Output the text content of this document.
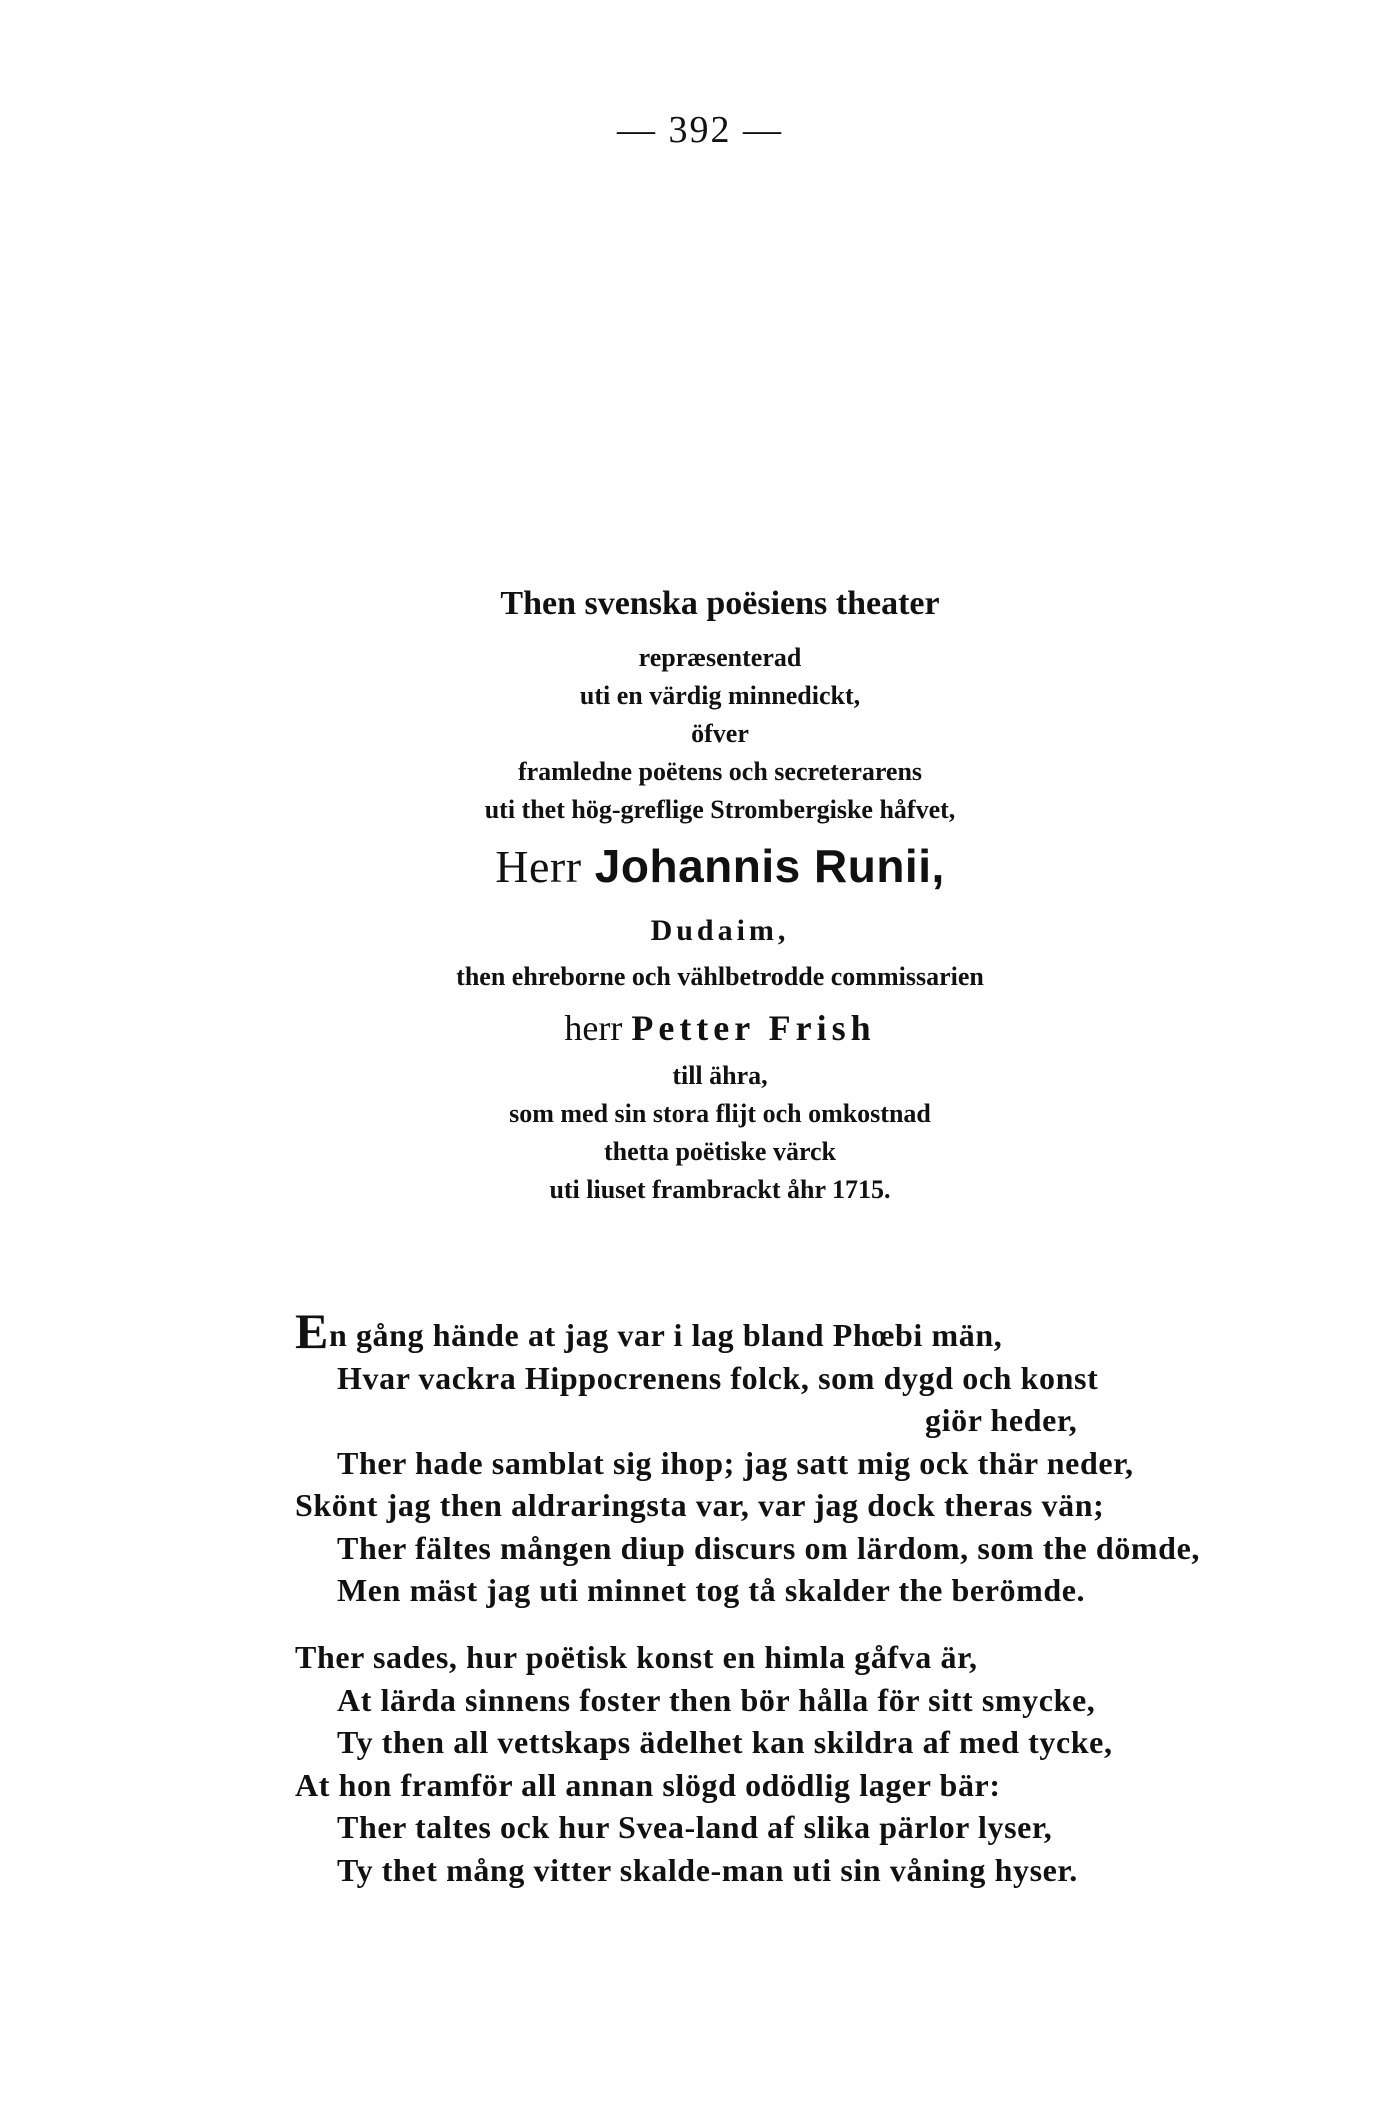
— 392 —
Then svenska poësiens theater
repræsenterad
uti en värdig minnedickt,
öfver
framledne poëtens och secreterarens
uti thet hög-greflige Strombergiske håfvet,
Herr Johannis Runii,
Dudaim,
then ehreborne och vählbetrodde commissarien
herr Petter Frish
till ähra,
som med sin stora flijt och omkostnad
thetta poëtiske värck
uti liuset frambrackt åhr 1715.
En gång hände at jag var i lag bland Phœbi män,
Hvar vackra Hippocrenens folck, som dygd och konst
giör heder,
Ther hade samblat sig ihop; jag satt mig ock thär neder,
Skönt jag then aldraringsta var, var jag dock theras vän;
Ther fältes mången diup discurs om lärdom, som the dömde,
Men mäst jag uti minnet tog tå skalder the berömde.
Ther sades, hur poëtisk konst en himla gåfva är,
At lärda sinnens foster then bör hålla för sitt smycke,
Ty then all vettskaps ädelhet kan skildra af med tycke,
At hon framför all annan slögd odödlig lager bär:
Ther taltes ock hur Svea-land af slika pärlor lyser,
Ty thet mång vitter skalde-man uti sin våning hyser.
